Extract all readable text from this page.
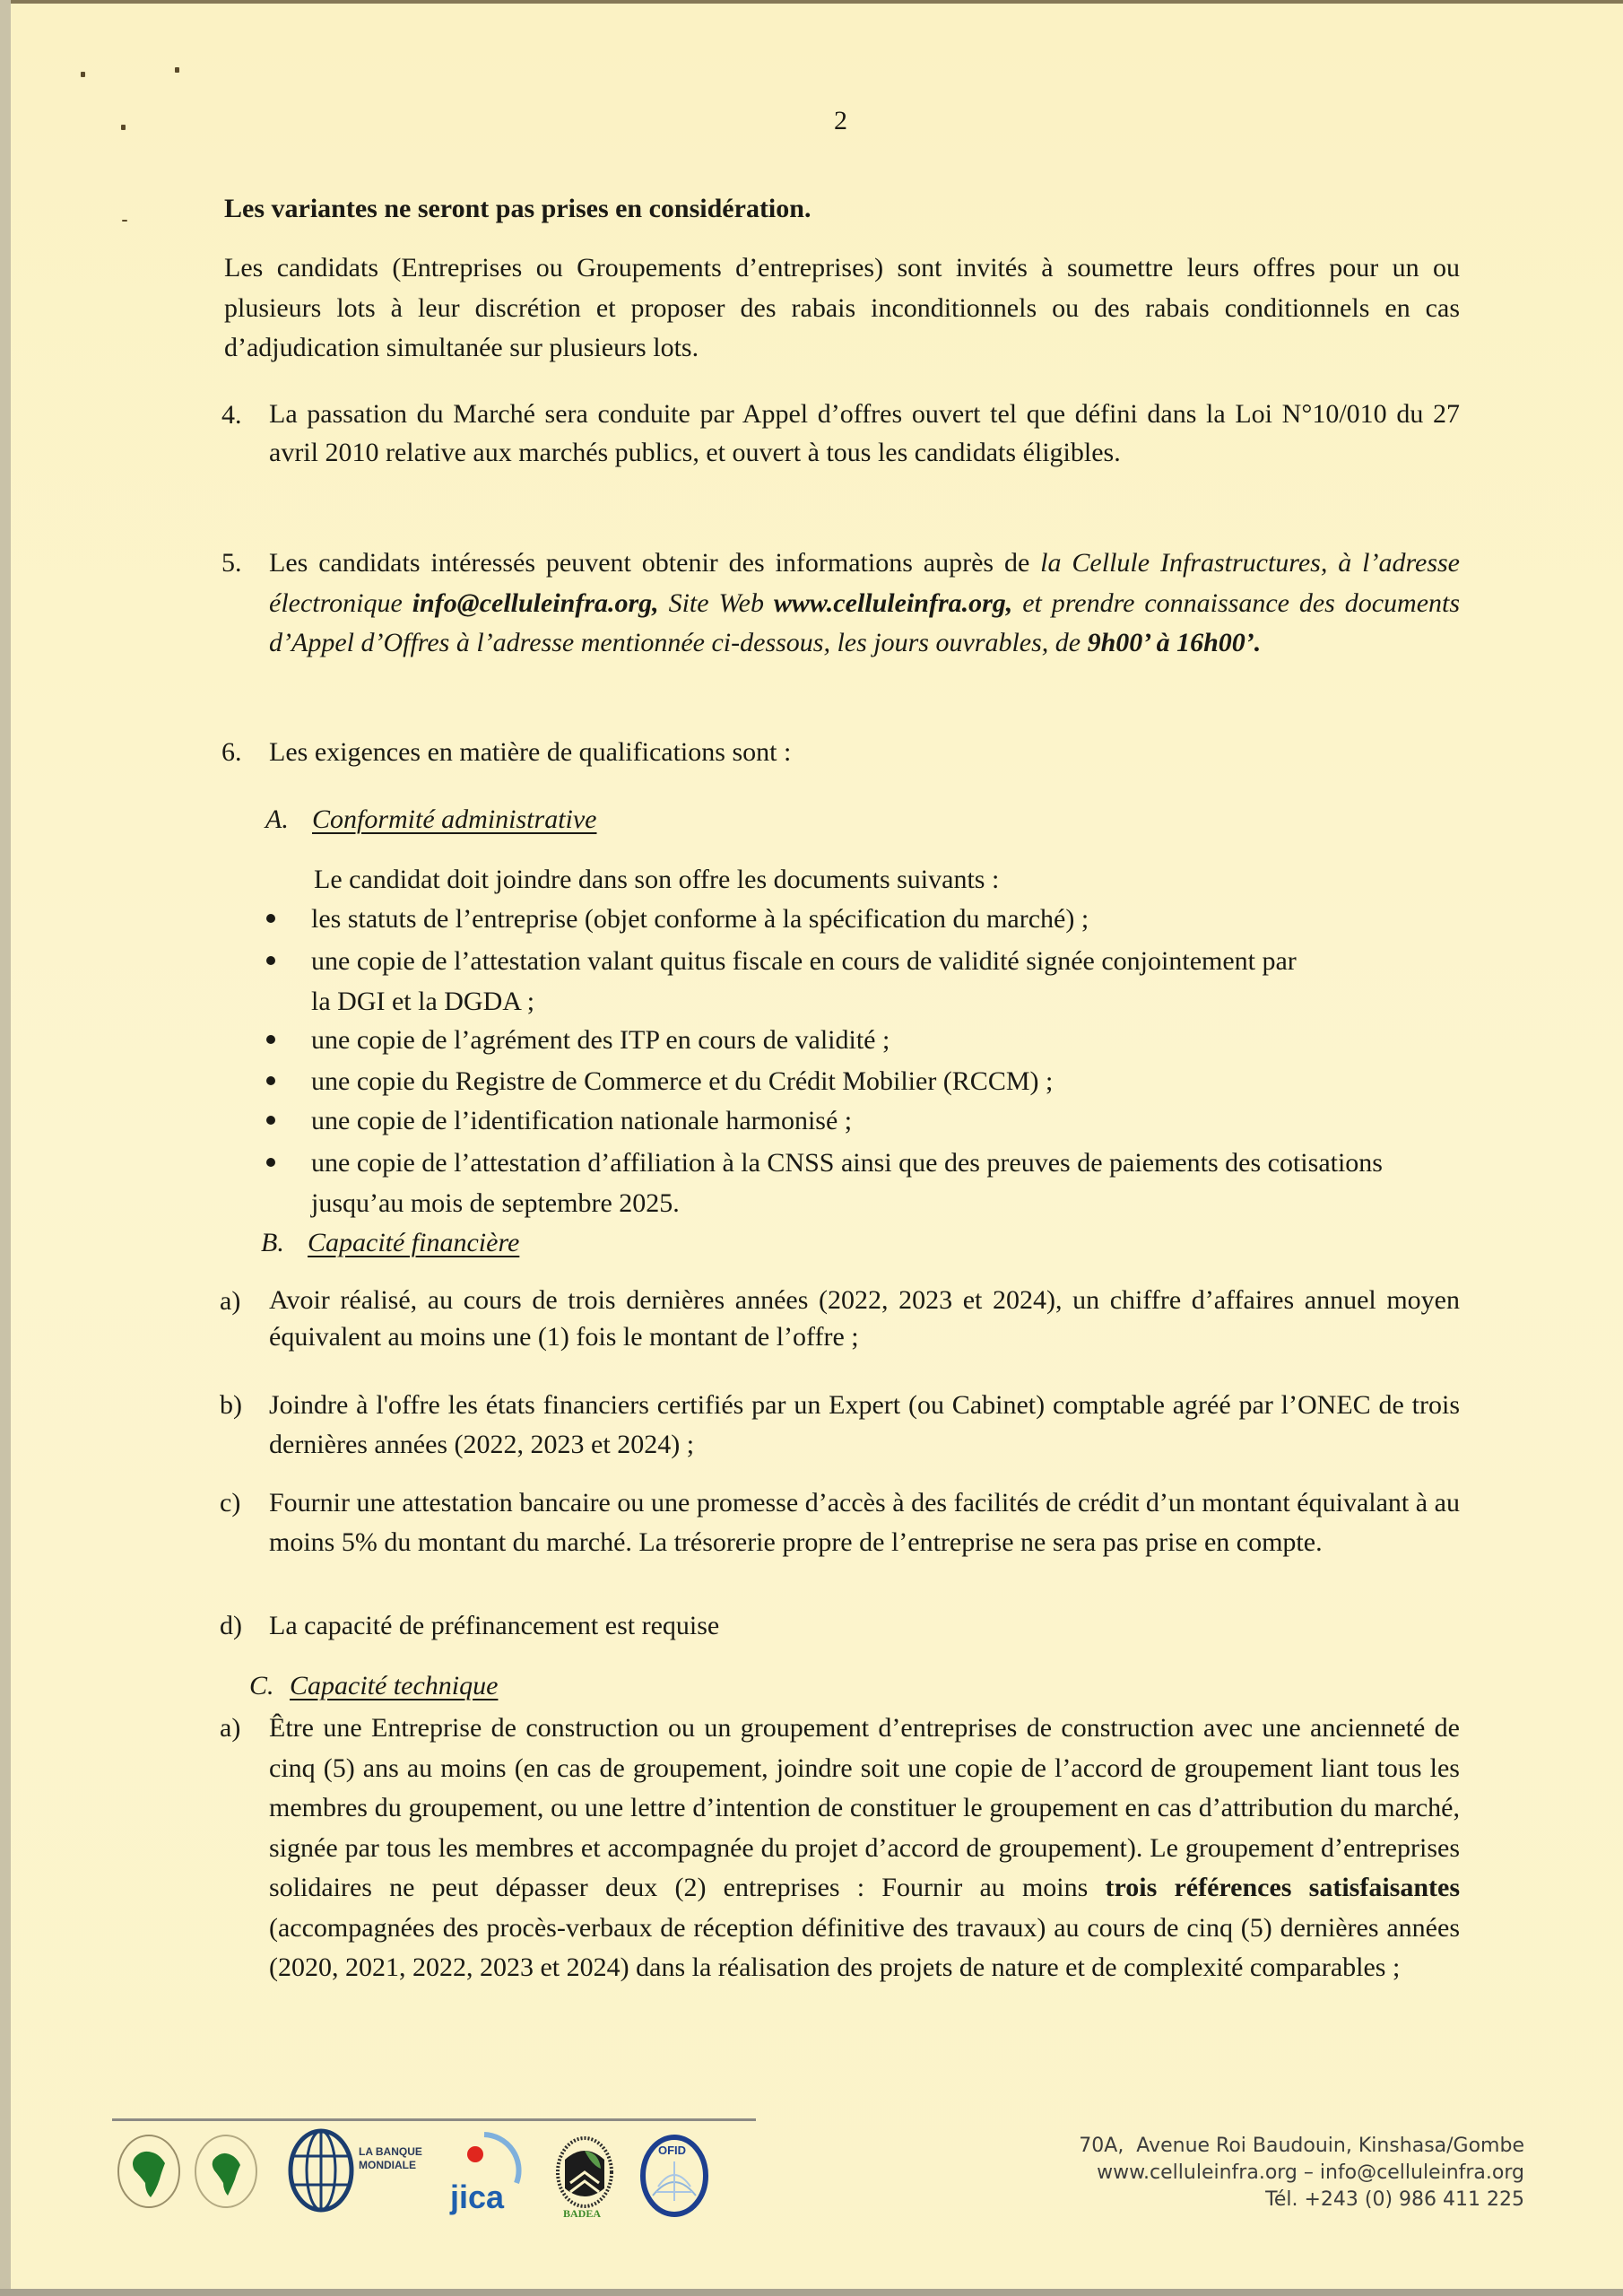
2
Les variantes ne seront pas prises en considération.
Les candidats (Entreprises ou Groupements d’entreprises) sont invités à soumettre leurs offres pour un ou plusieurs lots à leur discrétion et proposer des rabais inconditionnels ou des rabais conditionnels en cas d’adjudication simultanée sur plusieurs lots.
4. La passation du Marché sera conduite par Appel d’offres ouvert tel que défini dans la Loi N°10/010 du 27 avril 2010 relative aux marchés publics, et ouvert à tous les candidats éligibles.
5. Les candidats intéressés peuvent obtenir des informations auprès de la Cellule Infrastructures, à l’adresse électronique info@celluleinfra.org, Site Web www.celluleinfra.org, et prendre connaissance des documents d’Appel d’Offres à l’adresse mentionnée ci-dessous, les jours ouvrables, de 9h00’ à 16h00’.
6. Les exigences en matière de qualifications sont :
A. Conformité administrative
Le candidat doit joindre dans son offre les documents suivants :
les statuts de l’entreprise (objet conforme à la spécification du marché) ;
une copie de l’attestation valant quitus fiscale en cours de validité signée conjointement par la DGI et la DGDA ;
une copie de l’agrément des ITP en cours de validité ;
une copie du Registre de Commerce et du Crédit Mobilier (RCCM) ;
une copie de l’identification nationale harmonisé ;
une copie de l’attestation d’affiliation à la CNSS ainsi que des preuves de paiements des cotisations jusqu’au mois de septembre 2025.
B. Capacité financière
a) Avoir réalisé, au cours de trois dernières années (2022, 2023 et 2024), un chiffre d’affaires annuel moyen équivalent au moins une (1) fois le montant de l’offre ;
b) Joindre à l'offre les états financiers certifiés par un Expert (ou Cabinet) comptable agréé par l’ONEC de trois dernières années (2022, 2023 et 2024) ;
c) Fournir une attestation bancaire ou une promesse d’accès à des facilités de crédit d’un montant équivalant à au moins 5% du montant du marché. La trésorerie propre de l’entreprise ne sera pas prise en compte.
d) La capacité de préfinancement est requise
C. Capacité technique
a) Être une Entreprise de construction ou un groupement d’entreprises de construction avec une ancienneté de cinq (5) ans au moins (en cas de groupement, joindre soit une copie de l’accord de groupement liant tous les membres du groupement, ou une lettre d’intention de constituer le groupement en cas d’attribution du marché, signée par tous les membres et accompagnée du projet d’accord de groupement). Le groupement d’entreprises solidaires ne peut dépasser deux (2) entreprises : Fournir au moins trois références satisfaisantes (accompagnées des procès-verbaux de réception définitive des travaux) au cours de cinq (5) dernières années (2020, 2021, 2022, 2023 et 2024) dans la réalisation des projets de nature et de complexité comparables ;
LA BANQUE
MONDIALE
jica	BADEA
OFID	70A,  Avenue Roi Baudouin, Kinshasa/Gombe
www.celluleinfra.org – info@celluleinfra.org
Tél. +243 (0) 986 411 225
